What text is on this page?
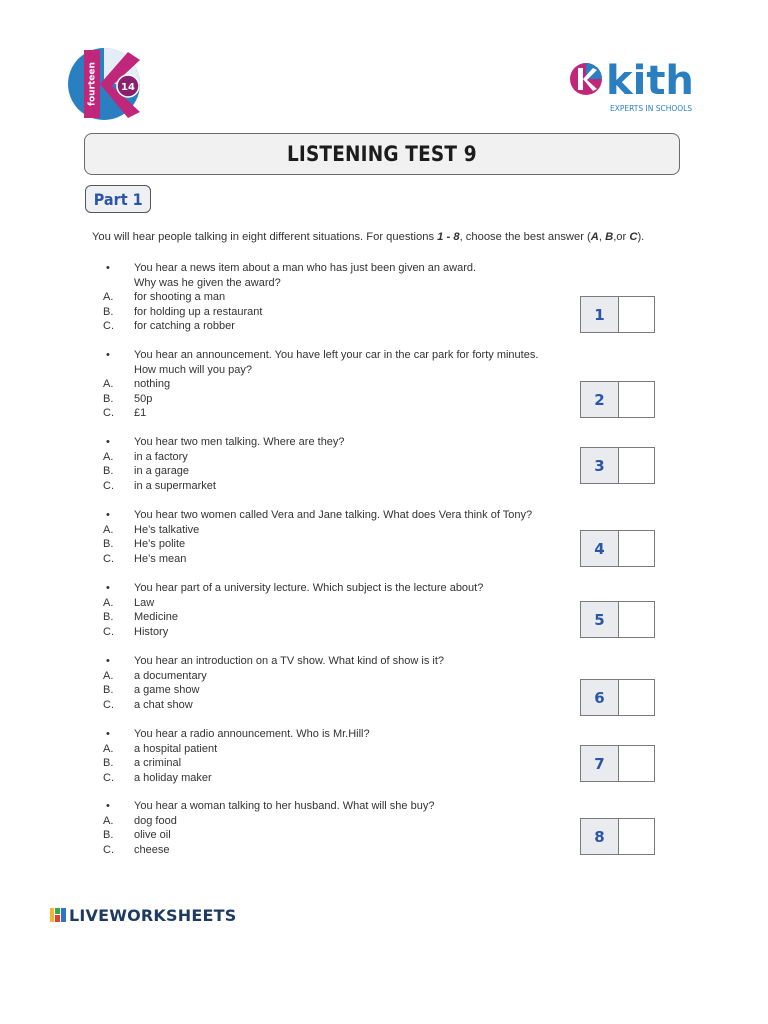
fourteen 14	kith
EXPERTS IN SCHOOLS
LISTENING TEST 9
Part 1
You will hear people talking in eight different situations. For questions 1 - 8, choose the best answer (A, B,or C).
• You hear a news item about a man who has just been given an award.
Why was he given the award?
A. for shooting a man
B. for holding up a restaurant
C. for catching a robber
1
• You hear an announcement. You have left your car in the car park for forty minutes.
How much will you pay?
A. nothing
B. 50p
C. £1
2
• You hear two men talking. Where are they?
A. in a factory
B. in a garage
C. in a supermarket
3
• You hear two women called Vera and Jane talking. What does Vera think of Tony?
A. He’s talkative
B. He’s polite
C. He’s mean
4
• You hear part of a university lecture. Which subject is the lecture about?
A. Law
B. Medicine
C. History
5
• You hear an introduction on a TV show. What kind of show is it?
A. a documentary
B. a game show
C. a chat show	6
• You hear a radio announcement. Who is Mr.Hill?
A. a hospital patient
B. a criminal
C. a holiday maker
7
• You hear a woman talking to her husband. What will she buy?
A. dog food
B. olive oil
C. cheese
8
LIVEWORKSHEETS
